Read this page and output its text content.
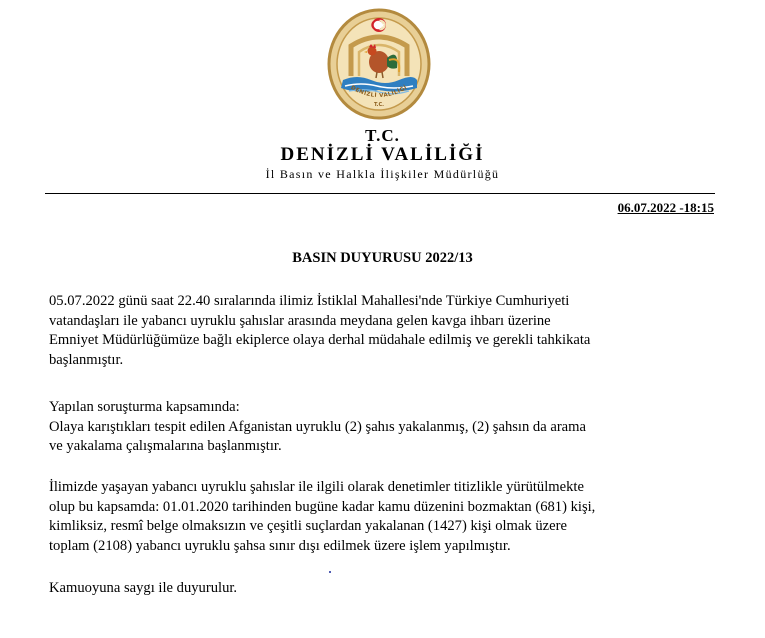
DENİZLİ VALİLİĞİ
T.C.
T.C.
DENİZLİ VALİLİĞİ
İl Basın ve Halkla İlişkiler Müdürlüğü
06.07.2022 -18:15
BASIN DUYURUSU 2022/13
05.07.2022 günü saat 22.40 sıralarında ilimiz İstiklal Mahallesi'nde Türkiye Cumhuriyeti
vatandaşları ile yabancı uyruklu şahıslar arasında meydana gelen kavga ihbarı üzerine
Emniyet Müdürlüğümüze bağlı ekiplerce olaya derhal müdahale edilmiş ve gerekli tahkikata
başlanmıştır.
Yapılan soruşturma kapsamında:
Olaya karıştıkları tespit edilen Afganistan uyruklu (2) şahıs yakalanmış, (2) şahsın da arama
ve yakalama çalışmalarına başlanmıştır.
İlimizde yaşayan yabancı uyruklu şahıslar ile ilgili olarak denetimler titizlikle yürütülmekte
olup bu kapsamda: 01.01.2020 tarihinden bugüne kadar kamu düzenini bozmaktan (681) kişi,
kimliksiz, resmî belge olmaksızın ve çeşitli suçlardan yakalanan (1427) kişi olmak üzere
toplam (2108) yabancı uyruklu şahsa sınır dışı edilmek üzere işlem yapılmıştır.
Kamuoyuna saygı ile duyurulur.
